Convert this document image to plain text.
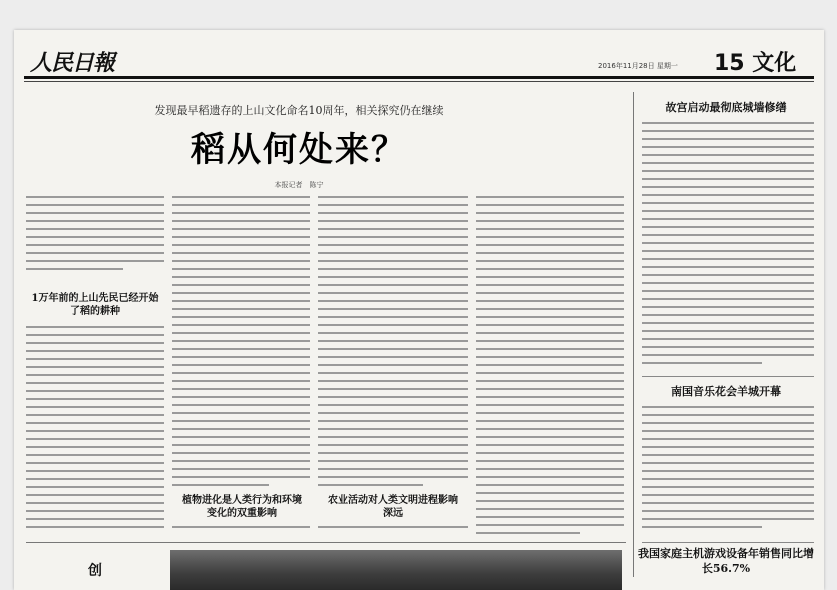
人民日報	2016年11月28日 星期一 15 文化
发现最早稻遗存的上山文化命名10周年，相关探究仍在继续
稻从何处来？
本报记者　陈宁
1万年前的上山先民已经开始了稻的耕种
植物进化是人类行为和环境变化的双重影响
农业活动对人类文明进程影响深远
故宫启动最彻底城墙修缮
南国音乐花会羊城开幕
我国家庭主机游戏设备年销售同比增长56.7%
创
